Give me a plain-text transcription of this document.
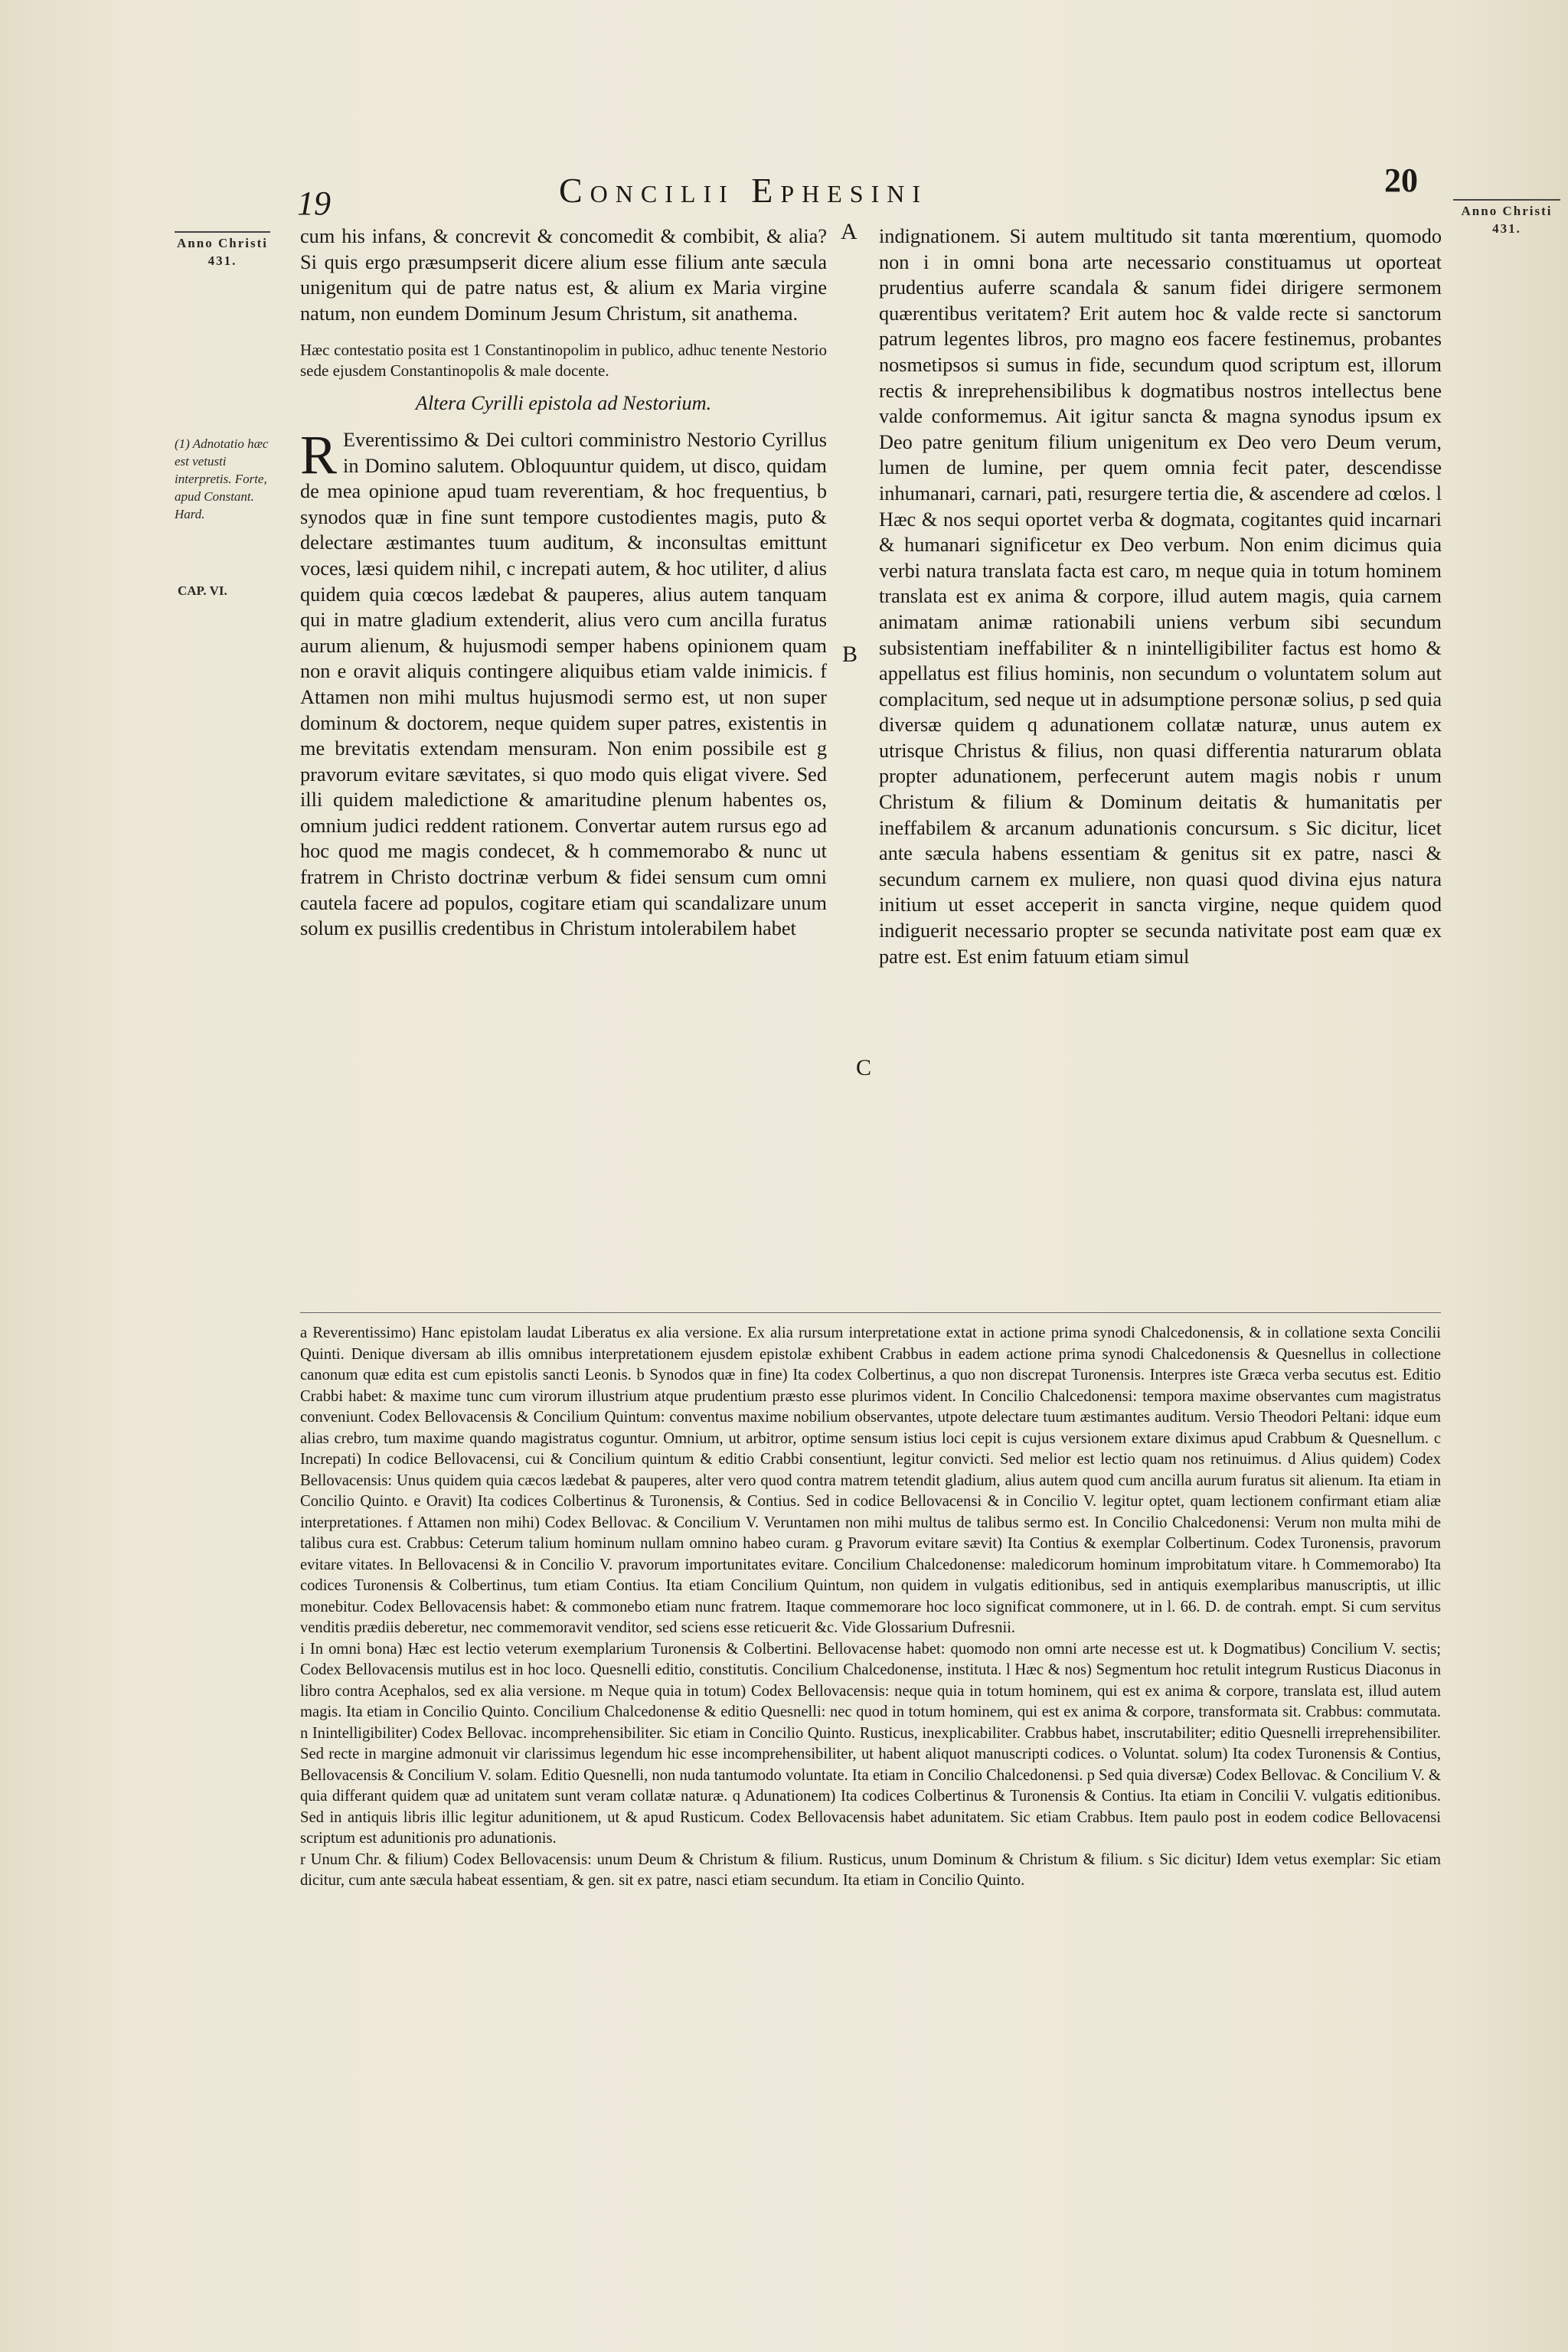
19	Concilii Ephesini	20
Anno Christi 431.
Anno Christi 431.
(1) Adnotatio hæc est vetusti interpretis. Forte, apud Constant. Hard.
CAP. VI.
A
B
C

cum his infans, & concrevit & concomedit & combibit, & alia? Si quis ergo præsumpserit dicere alium esse filium ante sæcula unigenitum qui de patre natus est, & alium ex Maria virgine natum, non eundem Dominum Jesum Christum, sit anathema.

Hæc contestatio posita est 1 Constantinopolim in publico, adhuc tenente Nestorio sede ejusdem Constantinopolis & male docente.

Altera Cyrilli epistola ad Nestorium.

R Everentissimo & Dei cultori comministro Nestorio Cyrillus in Domino salutem. Obloquuntur quidem, ut disco, quidam de mea opinione apud tuam reverentiam, & hoc frequentius, b synodos quæ in fine sunt tempore custodientes magis, puto & delectare æstimantes tuum auditum, & inconsultas emittunt voces, læsi quidem nihil, c increpati autem, & hoc utiliter, d alius quidem quia cœcos lædebat & pauperes, alius autem tanquam qui in matre gladium extenderit, alius vero cum ancilla furatus aurum alienum, & hujusmodi semper habens opinionem quam non e oravit aliquis contingere aliquibus etiam valde inimicis. f Attamen non mihi multus hujusmodi sermo est, ut non super dominum & doctorem, neque quidem super patres, existentis in me brevitatis extendam mensuram. Non enim possibile est g pravorum evitare sævitates, si quo modo quis eligat vivere. Sed illi quidem maledictione & amaritudine plenum habentes os, omnium judici reddent rationem. Convertar autem rursus ego ad hoc quod me magis condecet, & h commemorabo & nunc ut fratrem in Christo doctrinæ verbum & fidei sensum cum omni cautela facere ad populos, cogitare etiam qui scandalizare unum solum ex pusillis credentibus in Christum intolerabilem habet

indignationem. Si autem multitudo sit tanta mœrentium, quomodo non i in omni bona arte necessario constituamus ut oporteat prudentius auferre scandala & sanum fidei dirigere sermonem quærentibus veritatem? Erit autem hoc & valde recte si sanctorum patrum legentes libros, pro magno eos facere festinemus, probantes nosmetipsos si sumus in fide, secundum quod scriptum est, illorum rectis & inreprehensibilibus k dogmatibus nostros intellectus bene valde conformemus. Ait igitur sancta & magna synodus ipsum ex Deo patre genitum filium unigenitum ex Deo vero Deum verum, lumen de lumine, per quem omnia fecit pater, descendisse inhumanari, carnari, pati, resurgere tertia die, & ascendere ad cœlos. l Hæc & nos sequi oportet verba & dogmata, cogitantes quid incarnari & humanari significetur ex Deo verbum. Non enim dicimus quia verbi natura translata facta est caro, m neque quia in totum hominem translata est ex anima & corpore, illud autem magis, quia carnem animatam animæ rationabili uniens verbum sibi secundum subsistentiam ineffabiliter & n inintelligibiliter factus est homo & appellatus est filius hominis, non secundum o voluntatem solum aut complacitum, sed neque ut in adsumptione personæ solius, p sed quia diversæ quidem q adunationem collatæ naturæ, unus autem ex utrisque Christus & filius, non quasi differentia naturarum oblata propter adunationem, perfecerunt autem magis nobis r unum Christum & filium & Dominum deitatis & humanitatis per ineffabilem & arcanum adunationis concursum. s Sic dicitur, licet ante sæcula habens essentiam & genitus sit ex patre, nasci & secundum carnem ex muliere, non quasi quod divina ejus natura initium ut esset acceperit in sancta virgine, neque quidem quod indiguerit necessario propter se secunda nativitate post eam quæ ex patre est. Est enim fatuum etiam simul

a Reverentissimo) Hanc epistolam laudat Liberatus ex alia versione. Ex alia rursum interpretatione extat in actione prima synodi Chalcedonensis, & in collatione sexta Concilii Quinti. Denique diversam ab illis omnibus interpretationem ejusdem epistolæ exhibent Crabbus in eadem actione prima synodi Chalcedonensis & Quesnellus in collectione canonum quæ edita est cum epistolis sancti Leonis. b Synodos quæ in fine) Ita codex Colbertinus, a quo non discrepat Turonensis. Interpres iste Græca verba secutus est. Editio Crabbi habet: & maxime tunc cum virorum illustrium atque prudentium præsto esse plurimos vident. In Concilio Chalcedonensi: tempora maxime observantes cum magistratus conveniunt. Codex Bellovacensis & Concilium Quintum: conventus maxime nobilium observantes, utpote delectare tuum æstimantes auditum. Versio Theodori Peltani: idque eum alias crebro, tum maxime quando magistratus coguntur. Omnium, ut arbitror, optime sensum istius loci cepit is cujus versionem extare diximus apud Crabbum & Quesnellum. c Increpati) In codice Bellovacensi, cui & Concilium quintum & editio Crabbi consentiunt, legitur convicti. Sed melior est lectio quam nos retinuimus. d Alius quidem) Codex Bellovacensis: Unus quidem quia cæcos lædebat & pauperes, alter vero quod contra matrem tetendit gladium, alius autem quod cum ancilla aurum furatus sit alienum. Ita etiam in Concilio Quinto. e Oravit) Ita codices Colbertinus & Turonensis, & Contius. Sed in codice Bellovacensi & in Concilio V. legitur optet, quam lectionem confirmant etiam aliæ interpretationes. f Attamen non mihi) Codex Bellovac. & Concilium V. Veruntamen non mihi multus de talibus sermo est. In Concilio Chalcedonensi: Verum non multa mihi de talibus cura est. Crabbus: Ceterum talium hominum nullam omnino habeo curam. g Pravorum evitare sævit) Ita Contius & exemplar Colbertinum. Codex Turonensis, pravorum evitare vitates. In Bellovacensi & in Concilio V. pravorum importunitates evitare. Concilium Chalcedonense: maledicorum hominum improbitatum vitare. h Commemorabo) Ita codices Turonensis & Colbertinus, tum etiam Contius. Ita etiam Concilium Quintum, non quidem in vulgatis editionibus, sed in antiquis exemplaribus manuscriptis, ut illic monebitur. Codex Bellovacensis habet: & commonebo etiam nunc fratrem. Itaque commemorare hoc loco significat commonere, ut in l. 66. D. de contrah. empt. Si cum servitus venditis prædiis deberetur, nec commemoravit venditor, sed sciens esse reticuerit &c. Vide Glossarium Dufresnii.

i In omni bona) Hæc est lectio veterum exemplarium Turonensis & Colbertini. Bellovacense habet: quomodo non omni arte necesse est ut. k Dogmatibus) Concilium V. sectis; Codex Bellovacensis mutilus est in hoc loco. Quesnelli editio, constitutis. Concilium Chalcedonense, instituta. l Hæc & nos) Segmentum hoc retulit integrum Rusticus Diaconus in libro contra Acephalos, sed ex alia versione. m Neque quia in totum) Codex Bellovacensis: neque quia in totum hominem, qui est ex anima & corpore, translata est, illud autem magis. Ita etiam in Concilio Quinto. Concilium Chalcedonense & editio Quesnelli: nec quod in totum hominem, qui est ex anima & corpore, transformata sit. Crabbus: commutata. n Inintelligibiliter) Codex Bellovac. incomprehensibiliter. Sic etiam in Concilio Quinto. Rusticus, inexplicabiliter. Crabbus habet, inscrutabiliter; editio Quesnelli irreprehensibiliter. Sed recte in margine admonuit vir clarissimus legendum hic esse incomprehensibiliter, ut habent aliquot manuscripti codices. o Voluntat. solum) Ita codex Turonensis & Contius, Bellovacensis & Concilium V. solam. Editio Quesnelli, non nuda tantumodo voluntate. Ita etiam in Concilio Chalcedonensi. p Sed quia diversæ) Codex Bellovac. & Concilium V. & quia differant quidem quæ ad unitatem sunt veram collatæ naturæ. q Adunationem) Ita codices Colbertinus & Turonensis & Contius. Ita etiam in Concilii V. vulgatis editionibus. Sed in antiquis libris illic legitur adunitionem, ut & apud Rusticum. Codex Bellovacensis habet adunitatem. Sic etiam Crabbus. Item paulo post in eodem codice Bellovacensi scriptum est adunitionis pro adunationis.

r Unum Chr. & filium) Codex Bellovacensis: unum Deum & Christum & filium. Rusticus, unum Dominum & Christum & filium. s Sic dicitur) Idem vetus exemplar: Sic etiam dicitur, cum ante sæcula habeat essentiam, & gen. sit ex patre, nasci etiam secundum. Ita etiam in Concilio Quinto.
